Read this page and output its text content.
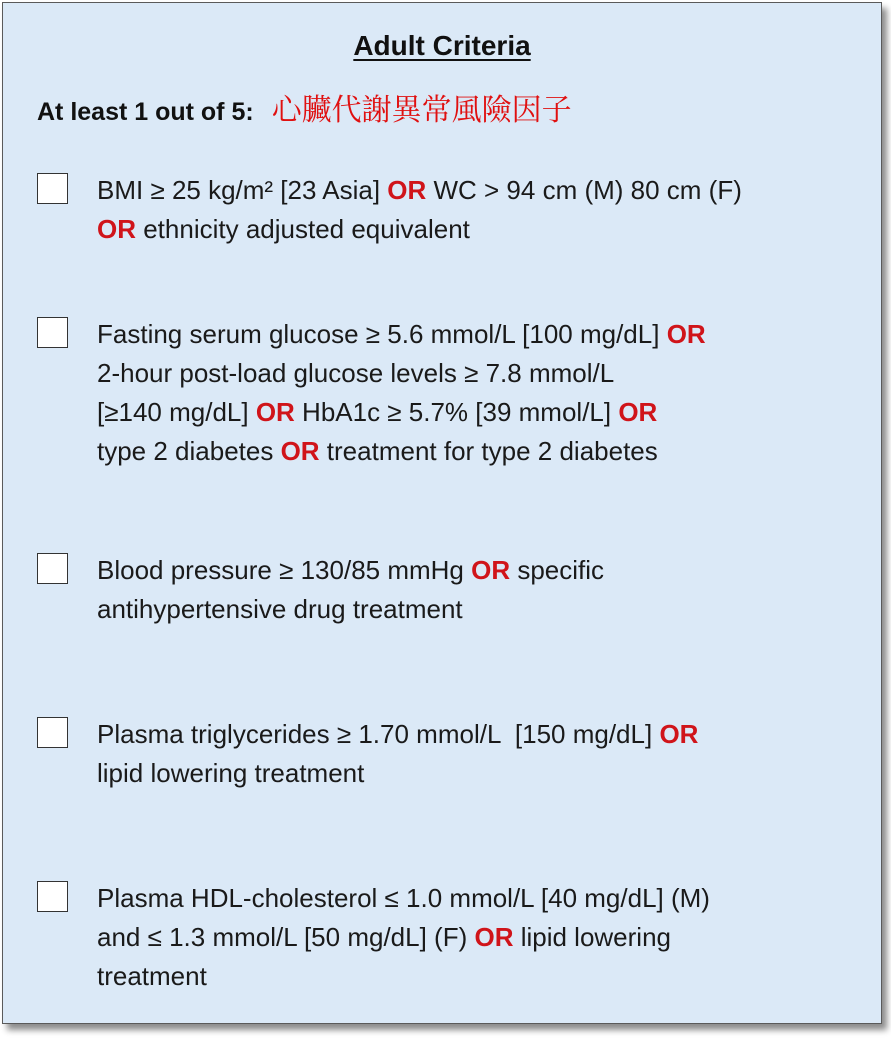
Adult Criteria
At least 1 out of 5: 心臟代謝異常風險因子
BMI ≥ 25 kg/m² [23 Asia] OR WC > 94 cm (M) 80 cm (F)
OR ethnicity adjusted equivalent
Fasting serum glucose ≥ 5.6 mmol/L [100 mg/dL] OR
2-hour post-load glucose levels ≥ 7.8 mmol/L
[≥140 mg/dL] OR HbA1c ≥ 5.7% [39 mmol/L] OR
type 2 diabetes OR treatment for type 2 diabetes
Blood pressure ≥ 130/85 mmHg OR specific
antihypertensive drug treatment
Plasma triglycerides ≥ 1.70 mmol/L  [150 mg/dL] OR
lipid lowering treatment
Plasma HDL-cholesterol ≤ 1.0 mmol/L [40 mg/dL] (M)
and ≤ 1.3 mmol/L [50 mg/dL] (F) OR lipid lowering
treatment
